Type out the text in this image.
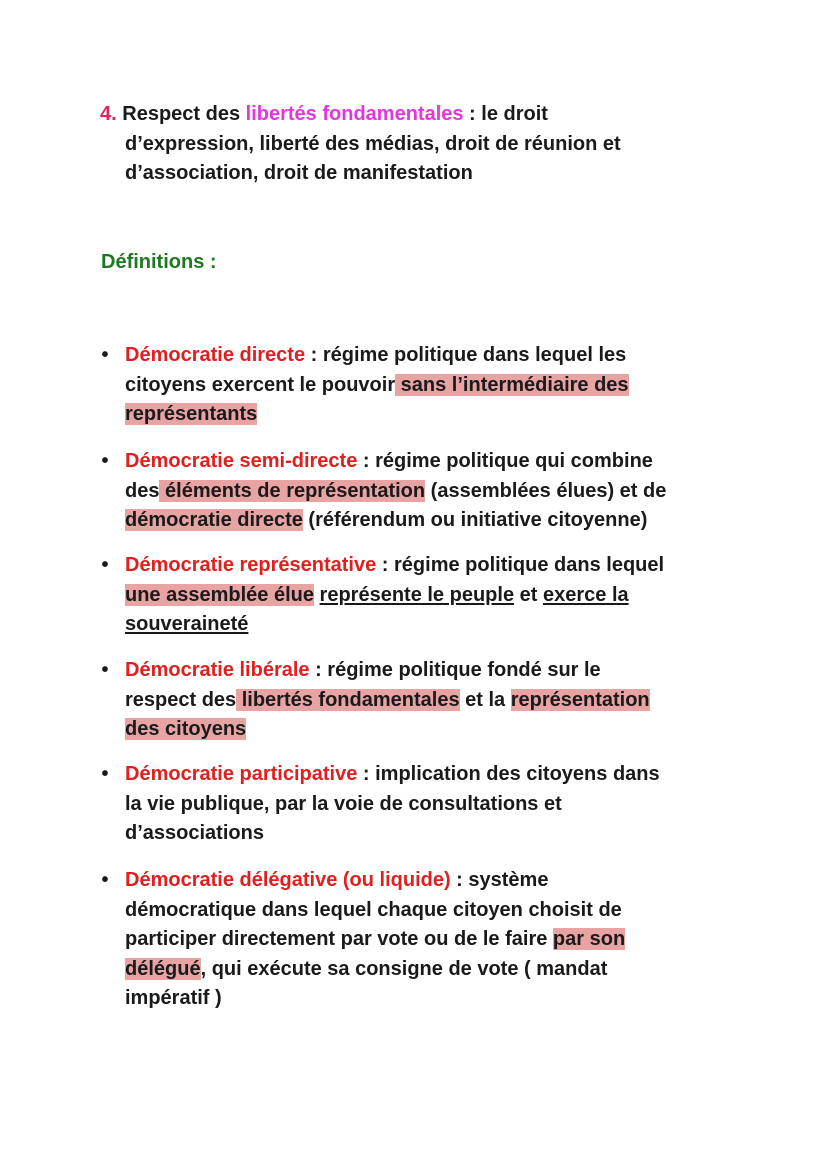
4. Respect des libertés fondamentales : le droit
d’expression, liberté des médias, droit de réunion et
d’association, droit de manifestation
Définitions :
• Démocratie directe : régime politique dans lequel les
citoyens exercent le pouvoir sans l’intermédiaire des
représentants
• Démocratie semi-directe : régime politique qui combine
des éléments de représentation (assemblées élues) et de
démocratie directe (référendum ou initiative citoyenne)
• Démocratie représentative : régime politique dans lequel
une assemblée élue représente le peuple et exerce la
souveraineté
• Démocratie libérale : régime politique fondé sur le
respect des libertés fondamentales et la représentation
des citoyens
• Démocratie participative : implication des citoyens dans
la vie publique, par la voie de consultations et
d’associations
• Démocratie délégative (ou liquide) : système
démocratique dans lequel chaque citoyen choisit de
participer directement par vote ou de le faire par son
délégué, qui exécute sa consigne de vote ( mandat
impératif )
